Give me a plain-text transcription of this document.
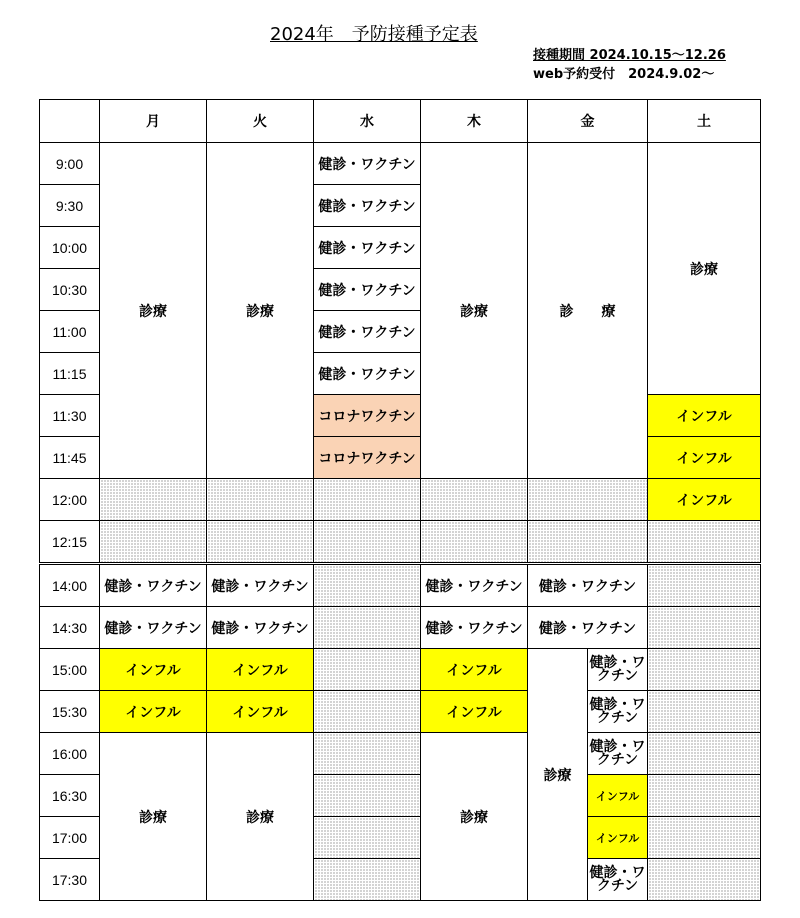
2024年　予防接種予定表
接種期間 2024.10.15～12.26
web予約受付　2024.9.02～
	月	火	水	木	金		土
9:00	診療	診療	健診・ワクチン	診療	診　　療		診療
9:30			健診・ワクチン				
10:00			健診・ワクチン				
10:30			健診・ワクチン				
11:00			健診・ワクチン				
11:15			健診・ワクチン				
11:30			コロナワクチン				インフル
11:45			コロナワクチン				インフル
12:00							インフル
12:15							
14:00	健診・ワクチン	健診・ワクチン		健診・ワクチン	健診・ワクチン		
14:30	健診・ワクチン	健診・ワクチン		健診・ワクチン	健診・ワクチン		
15:00	インフル	インフル		インフル	診療	健診・ワクチン	
15:30	インフル	インフル		インフル		健診・ワクチン	
16:00	診療	診療		診療		健診・ワクチン	
16:30						インフル	
17:00						インフル	
17:30						健診・ワクチン	
